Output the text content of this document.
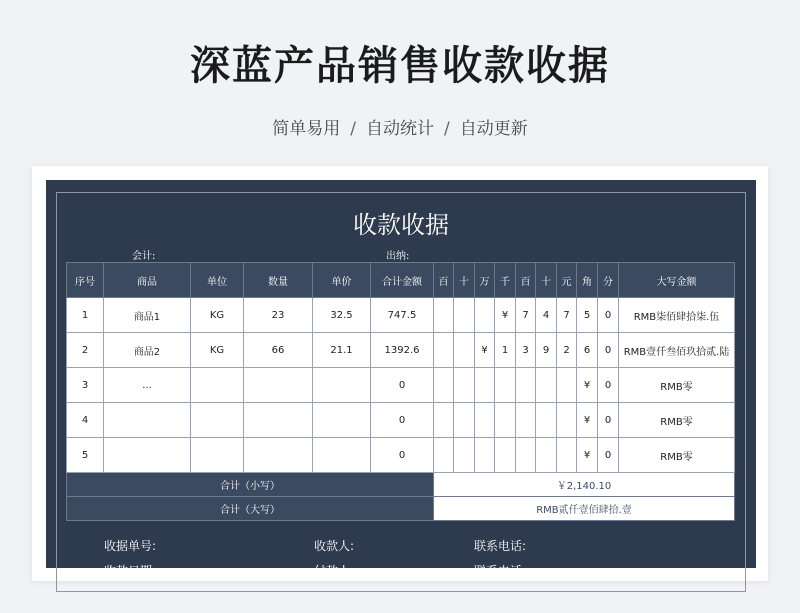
深蓝产品销售收款收据
简单易用 / 自动统计 / 自动更新
收款收据
会计:	出纳:
序号	商品	单位	数量	单价	合计金额	百	十	万	千	百	十	元	角	分	大写金额
1	商品1	KG	23	32.5	747.5				¥	7	4	7	5	0	RMB柒佰肆拾柒.伍
2	商品2	KG	66	21.1	1392.6			¥	1	3	9	2	6	0	RMB壹仟叁佰玖拾贰.陆
3	...				0								¥	0	RMB零
4					0								¥	0	RMB零
5					0								¥	0	RMB零
合计（小写）						￥2,140.10									
合计（大写）						RMB贰仟壹佰肆拾.壹									
收据单号:	收款人:	联系电话:
收款日期:	付款人:	联系电话:
